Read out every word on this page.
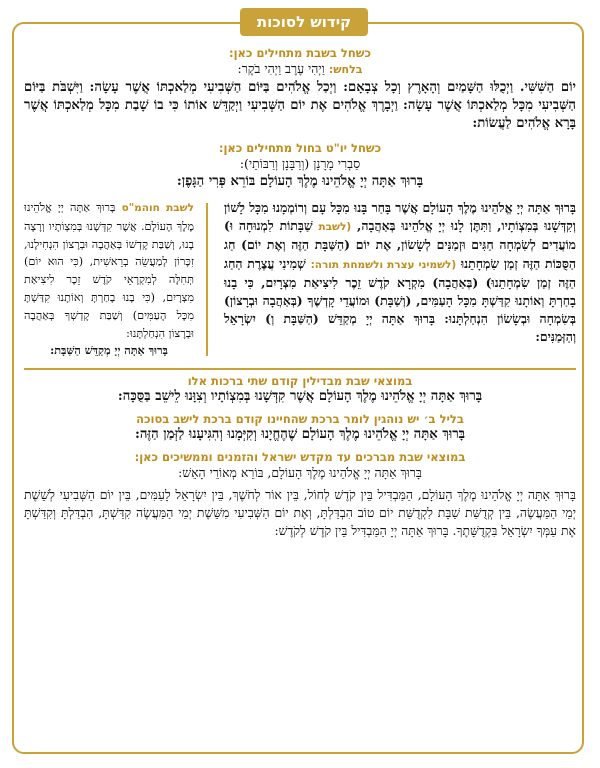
קידוש לסוכות
כשחל בשבת מתחילים כאן:
בלחש: וַיְהִי עֶרֶב וַיְהִי בֹקֶר:
יוֹם הַשִּׁשִּׁי. וַיְכֻלּוּ הַשָּׁמַיִם וְהָאָרֶץ וְכָל צְבָאָם: וַיְכַל אֱלֹהִים בַּיּוֹם הַשְּׁבִיעִי מְלַאכְתּוֹ אֲשֶׁר עָשָׂה: וַיִּשְׁבֹּת בַּיּוֹם הַשְּׁבִיעִי מִכָּל מְלַאכְתּוֹ אֲשֶׁר עָשָׂה: וַיְבָרֶךְ אֱלֹהִים אֶת יוֹם הַשְּׁבִיעִי וַיְקַדֵּשׁ אוֹתוֹ כִּי בוֹ שָׁבַת מִכָּל מְלַאכְתּוֹ אֲשֶׁר בָּרָא אֱלֹהִים לַעֲשׂוֹת:
כשחל יו"ט בחול מתחילים כאן:
סַבְרִי מָרָנָן (וְרַבָּנָן וְרַבּוֹתַי):
בָּרוּךְ אַתָּה יְיָ אֱלֹהֵינוּ מֶלֶךְ הָעוֹלָם בּוֹרֵא פְּרִי הַגָּפֶן:
בָּרוּךְ אַתָּה יְיָ אֱלֹהֵינוּ מֶלֶךְ הָעוֹלָם אֲשֶׁר בָּחַר בָּנוּ מִכָּל עָם וְרוֹמְמָנוּ מִכָּל לָשׁוֹן וְקִדְּשָׁנוּ בְּמִצְוֹתָיו, וַתִּתֶּן לָנוּ יְיָ אֱלֹהֵינוּ בְּאַהֲבָה, (לשבת שַׁבָּתוֹת לִמְנוּחָה וּ) מוֹעֲדִים לְשִׂמְחָה חַגִּים וּזְמַנִּים לְשָׂשׂוֹן, אֶת יוֹם (הַשַּׁבָּת הַזֶּה וְאֶת יוֹם) חַג הַסֻּכּוֹת הַזֶּה זְמַן שִׂמְחָתֵנוּ (לשמיני עצרת ולשמחת תורה: שְׁמִינִי עֲצֶרֶת הַחַג הַזֶּה זְמַן שִׂמְחָתֵנוּ) (בְּאַהֲבָה) מִקְרָא קֹדֶשׁ זֵכֶר לִיצִיאַת מִצְרָיִם, כִּי בָנוּ בָחַרְתָּ וְאוֹתָנוּ קִדַּשְׁתָּ מִכָּל הָעַמִּים, (וְשַׁבָּת) וּמוֹעֲדֵי קָדְשֶׁךָ (בְּאַהֲבָה וּבְרָצוֹן) בְּשִׂמְחָה וּבְשָׂשׂוֹן הִנְחַלְתָּנוּ: בָּרוּךְ אַתָּה יְיָ מְקַדֵּשׁ (הַשַּׁבָּת וְ) יִשְׂרָאֵל וְהַזְּמַנִּים:
לשבת חוהמ"ס בָּרוּךְ אַתָּה יְיָ אֱלֹהֵינוּ מֶלֶךְ הָעוֹלָם. אֲשֶׁר קִדְּשָׁנוּ בְּמִצְוֹתָיו וְרָצָה בָנוּ, וְשַׁבַּת קָדְשׁוֹ בְּאַהֲבָה וּבְרָצוֹן הִנְחִילָנוּ, זִכָּרוֹן לְמַעֲשֵׂה בְרֵאשִׁית, (כִּי הוּא יוֹם) תְּחִלָּה לְמִקְרָאֵי קֹדֶשׁ זֵכֶר לִיצִיאַת מִצְרָיִם, (כִּי בָנוּ בָחַרְתָּ וְאוֹתָנוּ קִדַּשְׁתָּ מִכָּל הָעַמִּים) וְשַׁבַּת קָדְשְׁךָ בְּאַהֲבָה וּבְרָצוֹן הִנְחַלְתָּנוּ:
בָּרוּךְ אַתָּה יְיָ מְקַדֵּשׁ הַשַּׁבָּת:
במוצאי שבת מבדילין קודם שתי ברכות אלו
בָּרוּךְ אַתָּה יְיָ אֱלֹהֵינוּ מֶלֶךְ הָעוֹלָם אֲשֶׁר קִדְּשָׁנוּ בְּמִצְוֹתָיו וְצִוָּנוּ לֵישֵׁב בַּסֻּכָּה:
בליל ב׳ יש נוהגין לומר ברכת שהחיינו קודם ברכת לישב בסוכה
בָּרוּךְ אַתָּה יְיָ אֱלֹהֵינוּ מֶלֶךְ הָעוֹלָם שֶׁהֶחֱיָנוּ וְקִיְּמָנוּ וְהִגִּיעָנוּ לַזְּמַן הַזֶּה:
במוצאי שבת מברכים עד מקדש ישראל והזמנים וממשיכים כאן:
בָּרוּךְ אַתָּה יְיָ אֱלֹהֵינוּ מֶלֶךְ הָעוֹלָם, בּוֹרֵא מְאוֹרֵי הָאֵשׁ:
בָּרוּךְ אַתָּה יְיָ אֱלֹהֵינוּ מֶלֶךְ הָעוֹלָם, הַמַּבְדִּיל בֵּין קֹדֶשׁ לְחוֹל, בֵּין אוֹר לְחֹשֶׁךְ, בֵּין יִשְׂרָאֵל לָעַמִּים, בֵּין יוֹם הַשְּׁבִיעִי לְשֵׁשֶׁת יְמֵי הַמַּעֲשֶׂה, בֵּין קְדֻשַּׁת שַׁבָּת לִקְדֻשַּׁת יוֹם טוֹב הִבְדַּלְתָּ, וְאֶת יוֹם הַשְּׁבִיעִי מִשֵּׁשֶׁת יְמֵי הַמַּעֲשֶׂה קִדַּשְׁתָּ, הִבְדַּלְתָּ וְקִדַּשְׁתָּ אֶת עַמְּךָ יִשְׂרָאֵל בִּקְדֻשָּׁתֶךָ. בָּרוּךְ אַתָּה יְיָ הַמַּבְדִּיל בֵּין קֹדֶשׁ לְקֹדֶשׁ:
